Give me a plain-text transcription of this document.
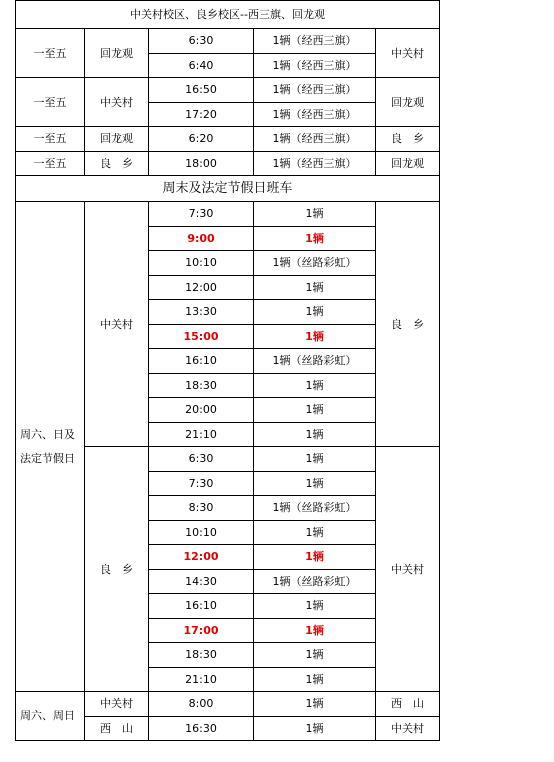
中关村校区、良乡校区--西三旗、回龙观				
一至五	回龙观	6:30	1辆（经西三旗）	中关村
		6:40	1辆（经西三旗）	
一至五	中关村	16:50	1辆（经西三旗）	回龙观
		17:20	1辆（经西三旗）	
一至五	回龙观	6:20	1辆（经西三旗）	良　乡
一至五	良　乡	18:00	1辆（经西三旗）	回龙观
周末及法定节假日班车				
周六、日及法定节假日	中关村	7:30	1辆	良　乡
		9:00	1辆	
		10:10	1辆（丝路彩虹）	
		12:00	1辆	
		13:30	1辆	
		15:00	1辆	
		16:10	1辆（丝路彩虹）	
		18:30	1辆	
		20:00	1辆	
		21:10	1辆	
	良　乡	6:30	1辆	中关村
		7:30	1辆	
		8:30	1辆（丝路彩虹）	
		10:10	1辆	
		12:00	1辆	
		14:30	1辆（丝路彩虹）	
		16:10	1辆	
		17:00	1辆	
		18:30	1辆	
		21:10	1辆	
周六、周日	中关村	8:00	1辆	西　山
	西　山	16:30	1辆	中关村
